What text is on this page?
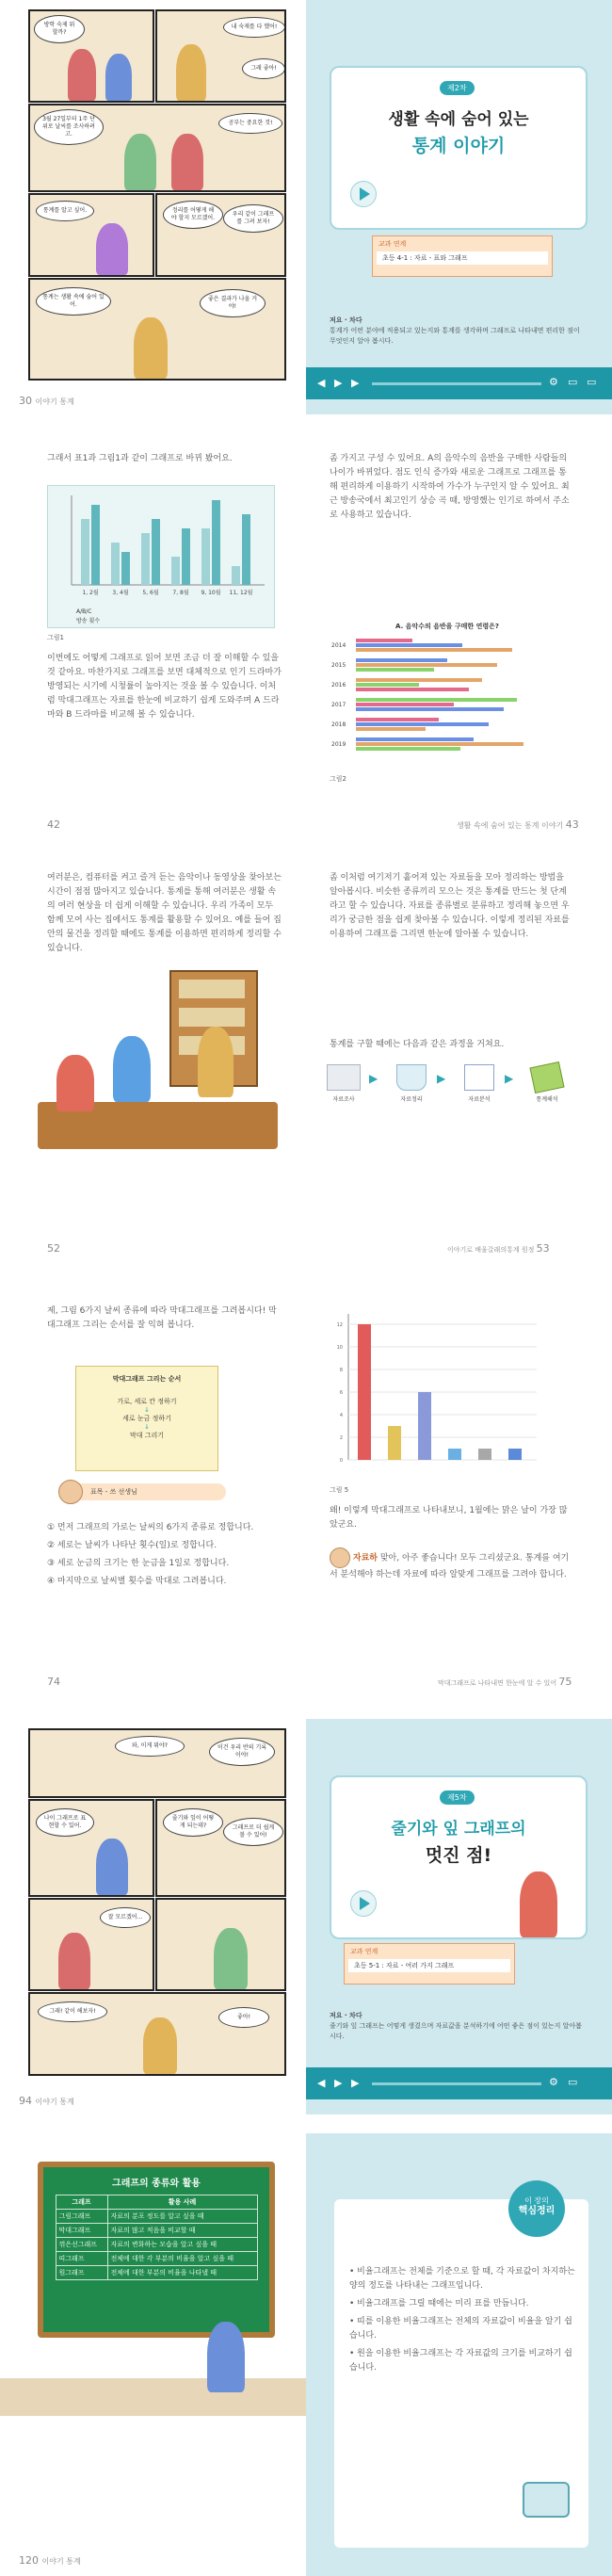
방학 숙제 뭐 할까?
내 숙제를 다 했어!
그래 좋아!
3월 27일부터 1주 단위로 날씨를 조사하려고.
공부는 중요한 것!
통계를 알고 싶어.	정리를 어떻게 해야 할지 모르겠어.
우리 같이 그래프를 그려 보자!
통계는 생활 속에 숨어 있어.
좋은 결과가 나올 거야!
30 이야기 통계
제2차
생활 속에 숨어 있는
통계 이야기
교과 연계
초등 4-1 : 자료 - 표와 그래프
저요 · 차다
통계가 어떤 분야에 적용되고 있는지와 통계를 생각하며 그래프로 나타내면 편리한 점이 무엇인지 알아 봅시다.
◀ ▶ ▶	⚙ ▭ ▭
그래서 표1과 그림1과 같이 그래프로 바뀌 봤어요.
1, 2월 3, 4월 5, 6월 7, 8월 9, 10월 11, 12월
A/B/C
방송 횟수
그림1
이번에도 어떻게 그래프로 읽어 보면 조금 더 잘 이해할 수 있을 것 같아요. 마찬가지로 그래프를 보면 대체적으로 인기 드라마가 방영되는 시기에 시청률이 높아지는 것을 볼 수 있습니다. 이처럼 막대그래프는 자료를 한눈에 비교하기 쉽게 도와주며 A 드라마와 B 드라마를 비교해 볼 수 있습니다.
42
좀 가지고 구성 수 있어요. A의 음악수의 음반을 구매한 사람들의 나이가 바뀌었다. 점도 인식 증가와 새로운 그래프로 그래프를 통해 편리하게 이용하기 시작하여 가수가 누구인지 알 수 있어요. 최근 방송국에서 최고인기 상승 곡 때, 방영했는 인기로 하여서 주소로 사용하고 있습니다.
A. 음악수의 음반을 구매한 연령은?
2014
2015
2016
2017
2018
2019
그림2
생활 속에 숨어 있는 통계 이야기 43
여러분은, 컴퓨터를 켜고 즐겨 듣는 음악이나 동영상을 찾아보는 시간이 점점 많아지고 있습니다. 통계를 통해 여러분은 생활 속의 여러 현상을 더 쉽게 이해할 수 있습니다. 우리 가족이 모두 함께 모여 사는 집에서도 통계를 활용할 수 있어요. 예를 들어 집안의 물건을 정리할 때에도 통계를 이용하면 편리하게 정리할 수 있습니다.
52
좀 이처럼 여기저기 흩어져 있는 자료들을 모아 정리하는 방법을 알아봅시다. 비슷한 종류끼리 모으는 것은 통계를 만드는 첫 단계라고 할 수 있습니다. 자료를 종류별로 분류하고 정리해 놓으면 우리가 궁금한 점을 쉽게 찾아볼 수 있습니다. 이렇게 정리된 자료를 이용하여 그래프를 그리면 한눈에 알아볼 수 있습니다.
통계를 구할 때에는 다음과 같은 과정을 거쳐요.
자료조사
▶
자료정리
▶
자료분석
▶
통계해석
이야기로 배울갈래의통계 원정 53
제, 그림 6가지 날씨 종류에 따라 막대그래프를 그려봅시다! 막대그래프 그리는 순서를 잘 익혀 봅니다.
막대그래프 그리는 순서
가로, 세로 칸 정하기
↓
세로 눈금 정하기
↓
막대 그리기
표목 - 쓰 선생님

① 먼저 그래프의 가로는 날씨의 6가지 종류로 정합니다.

② 세로는 날씨가 나타난 횟수(일)로 정합니다.

③ 세로 눈금의 크기는 한 눈금을 1일로 정합니다.

④ 마지막으로 날씨별 횟수를 막대로 그려봅니다.

74
0
2
4
6
8
10
12
그림 5
왜! 이렇게 막대그래프로 나타내보니, 1월에는 맑은 날이 가장 많았군요.
자료하 맞아, 아주 좋습니다! 모두 그리셨군요. 통계를 여기서 분석해야 하는데 자료에 따라 알맞게 그래프를 그려야 합니다.
막대그래프로 나타내면 한눈에 알 수 있어 75
와, 이게 뭐야?	이건 우리 반의 기록이야!
나이 그래프로 표현할 수 있어.
줄기와 잎이 어떻게 되는데?	그래프로 더 쉽게 볼 수 있어!
잘 모르겠어...
그래! 같이 해보자!
좋아!
94 이야기 통계
제5차
줄기와 잎 그래프의
멋진 점!
교과 연계
초등 5-1 : 자료 - 여러 가지 그래프
저요 · 차다
줄기와 잎 그래프는 어떻게 생겼으며 자료값을 분석하기에 어떤 좋은 점이 있는지 알아봅시다.
◀ ▶ ▶	⚙ ▭
그래프의 종류와 활용
그래프	활용 사례
그림그래프	자료의 분포 정도를 알고 싶을 때
막대그래프	자료의 많고 적음을 비교할 때
꺾은선그래프	자료의 변화하는 모습을 알고 싶을 때
띠그래프	전체에 대한 각 부분의 비율을 알고 싶을 때
원그래프	전체에 대한 부분의 비율을 나타낼 때
120 이야기 통계
이 장의
핵심정리

• 비율그래프는 전체를 기준으로 할 때, 각 자료값이 차지하는 양의 정도를 나타내는 그래프입니다.

• 비율그래프를 그릴 때에는 미리 표를 만듭니다.

• 띠를 이용한 비율그래프는 전체의 자료값이 비율을 알기 쉽습니다.

• 원을 이용한 비율그래프는 각 자료값의 크기를 비교하기 쉽습니다.
